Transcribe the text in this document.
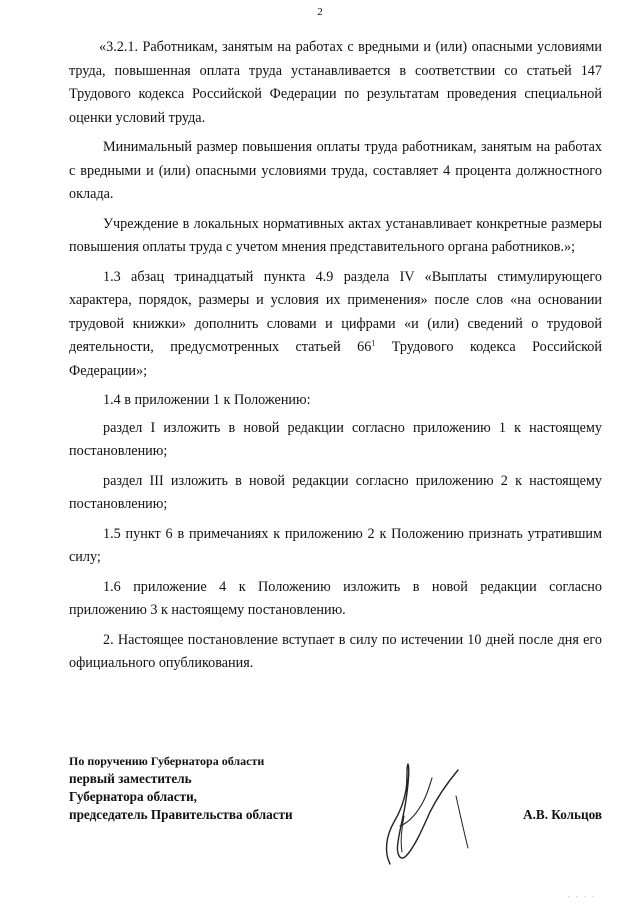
2

«3.2.1. Работникам, занятым на работах с вредными и (или) опасными условиями труда, повышенная оплата труда устанавливается в соответствии со статьей 147 Трудового кодекса Российской Федерации по результатам проведения специальной оценки условий труда.

Минимальный размер повышения оплаты труда работникам, занятым на работах с вредными и (или) опасными условиями труда, составляет 4 процента должностного оклада.

Учреждение в локальных нормативных актах устанавливает конкретные размеры повышения оплаты труда с учетом мнения представительного органа работников.»;

1.3 абзац тринадцатый пункта 4.9 раздела IV «Выплаты стимулирующего характера, порядок, размеры и условия их применения» после слов «на основании трудовой книжки» дополнить словами и цифрами «и (или) сведений о трудовой деятельности, предусмотренных статьей $66^1$ Трудового кодекса Российской Федерации»;

1.4 в приложении 1 к Положению:

раздел I изложить в новой редакции согласно приложению 1 к настоящему постановлению;

раздел III изложить в новой редакции согласно приложению 2 к настоящему постановлению;

1.5 пункт 6 в примечаниях к приложению 2 к Положению признать утратившим силу;

1.6 приложение 4 к Положению изложить в новой редакции согласно приложению 3 к настоящему постановлению.

2. Настоящее постановление вступает в силу по истечении 10 дней после дня его официального опубликования.

По поручению Губернатора области
первый заместитель
Губернатора области,
председатель Правительства области	А.В. Кольцов
· · · ·
